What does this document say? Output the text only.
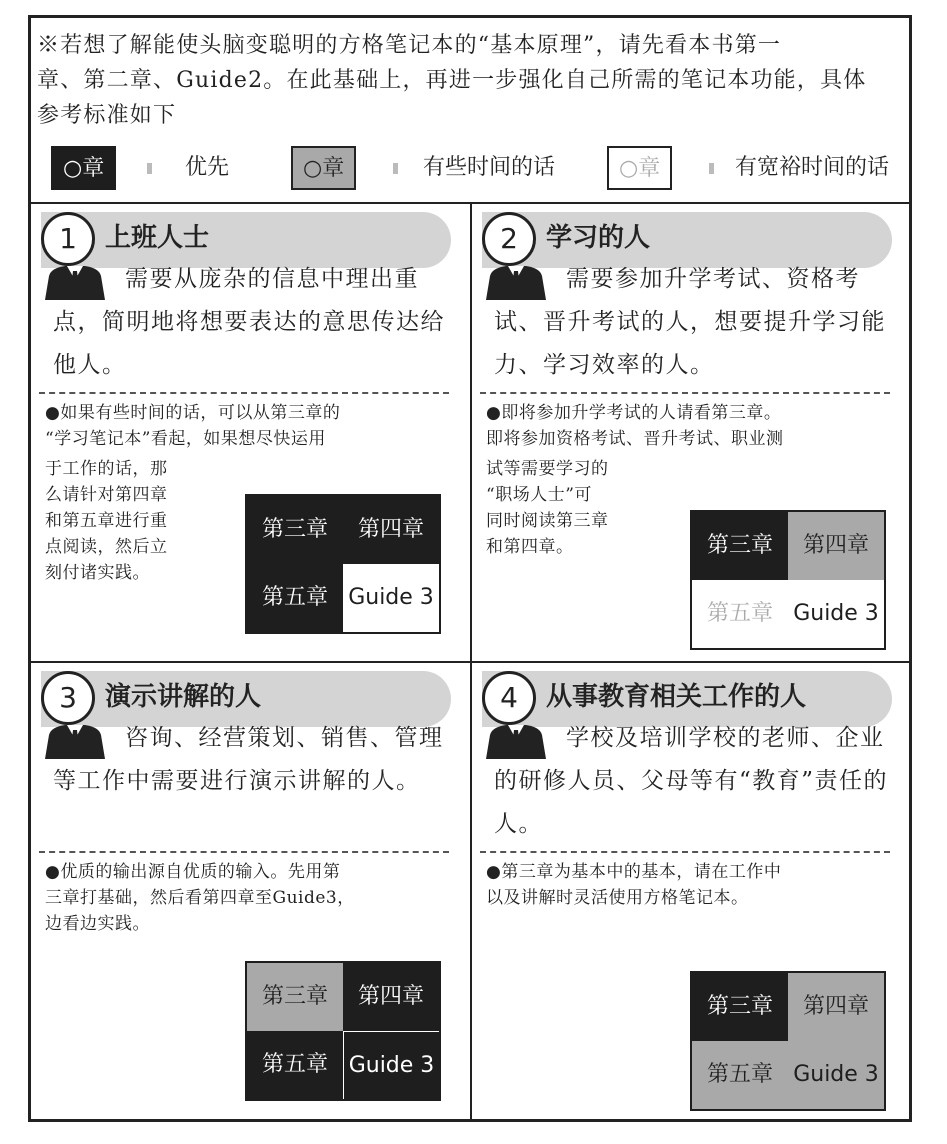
※若想了解能使头脑变聪明的方格笔记本的“基本原理”，请先看本书第一
章、第二章、Guide2。在此基础上，再进一步强化自己所需的笔记本功能，具体
参考标准如下
○章	优先	○章	有些时间的话	○章	有宽裕时间的话
1	上班人士
需要从庞杂的信息中理出重点，简明地将想要表达的意思传达给他人。
●如果有些时间的话，可以从第三章的
“学习笔记本”看起，如果想尽快运用
于工作的话，那
么请针对第四章
和第五章进行重
点阅读，然后立
刻付诸实践。
第三章	第四章
第五章 Guide 3
2	学习的人
需要参加升学考试、资格考试、晋升考试的人，想要提升学习能力、学习效率的人。
●即将参加升学考试的人请看第三章。
即将参加资格考试、晋升考试、职业测
试等需要学习的
“职场人士”可
同时阅读第三章
和第四章。	第三章	第四章
第五章 Guide 3
3	演示讲解的人
咨询、经营策划、销售、管理等工作中需要进行演示讲解的人。
●优质的输出源自优质的输入。先用第
三章打基础，然后看第四章至Guide3，
边看边实践。
第三章	第四章
第五章 Guide 3
4	从事教育相关工作的人
学校及培训学校的老师、企业的研修人员、父母等有“教育”责任的人。
●第三章为基本中的基本，请在工作中
以及讲解时灵活使用方格笔记本。
第三章	第四章
第五章 Guide 3
